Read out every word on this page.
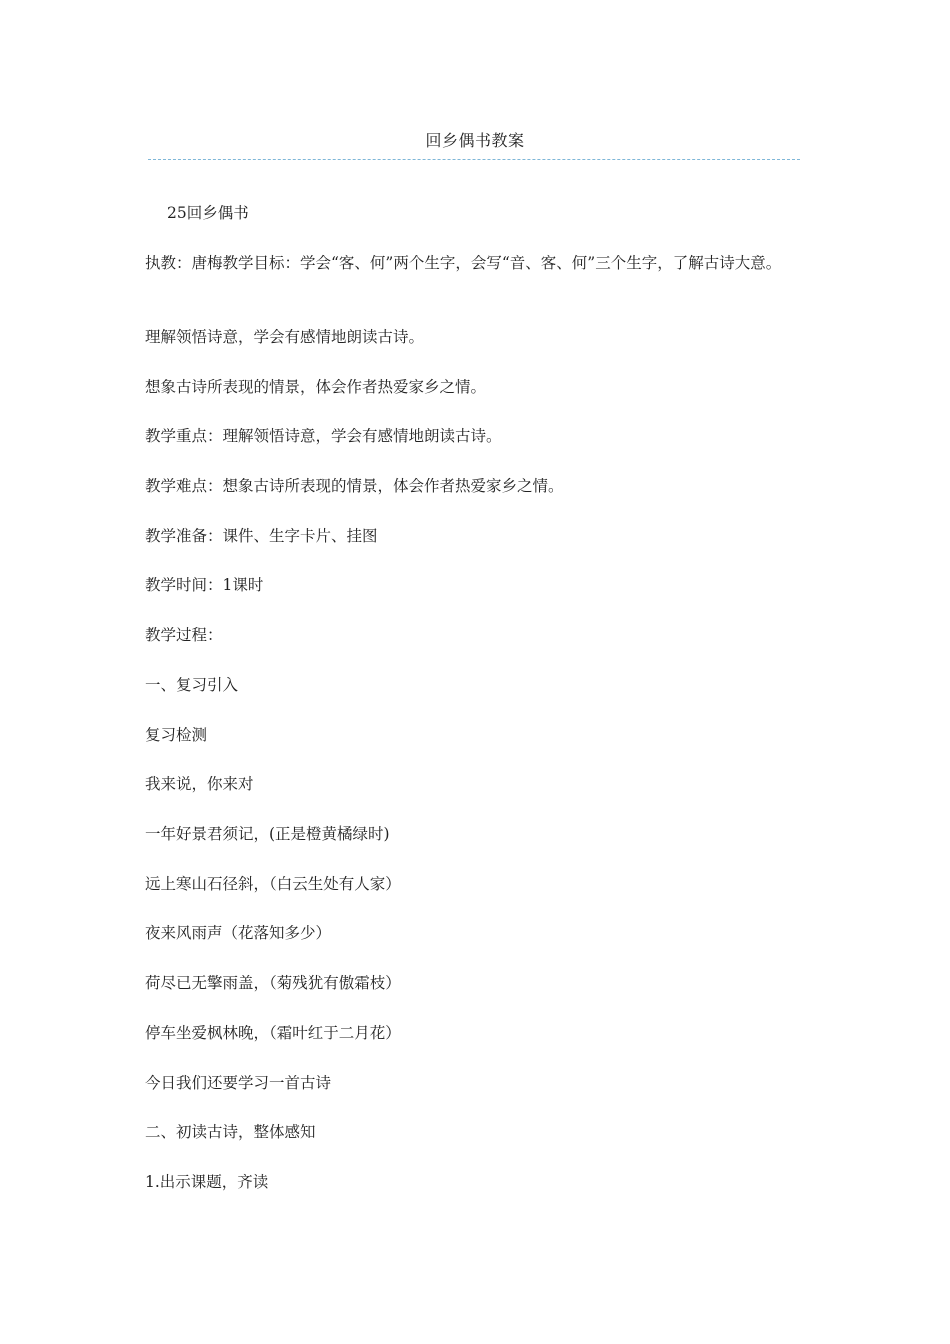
回乡偶书教案
25回乡偶书
执教：唐梅教学目标：学会“客、何”两个生字，会写“音、客、何”三个生字，了解古诗大意。
理解领悟诗意，学会有感情地朗读古诗。
想象古诗所表现的情景，体会作者热爱家乡之情。
教学重点：理解领悟诗意，学会有感情地朗读古诗。
教学难点：想象古诗所表现的情景，体会作者热爱家乡之情。
教学准备：课件、生字卡片、挂图
教学时间：1课时
教学过程：
一、复习引入
复习检测
我来说，你来对
一年好景君须记，(正是橙黄橘绿时)
远上寒山石径斜，（白云生处有人家）
夜来风雨声（花落知多少）
荷尽已无擎雨盖，（菊残犹有傲霜枝）
停车坐爱枫林晚，（霜叶红于二月花）
今日我们还要学习一首古诗
二、初读古诗，整体感知
1.出示课题，齐读
